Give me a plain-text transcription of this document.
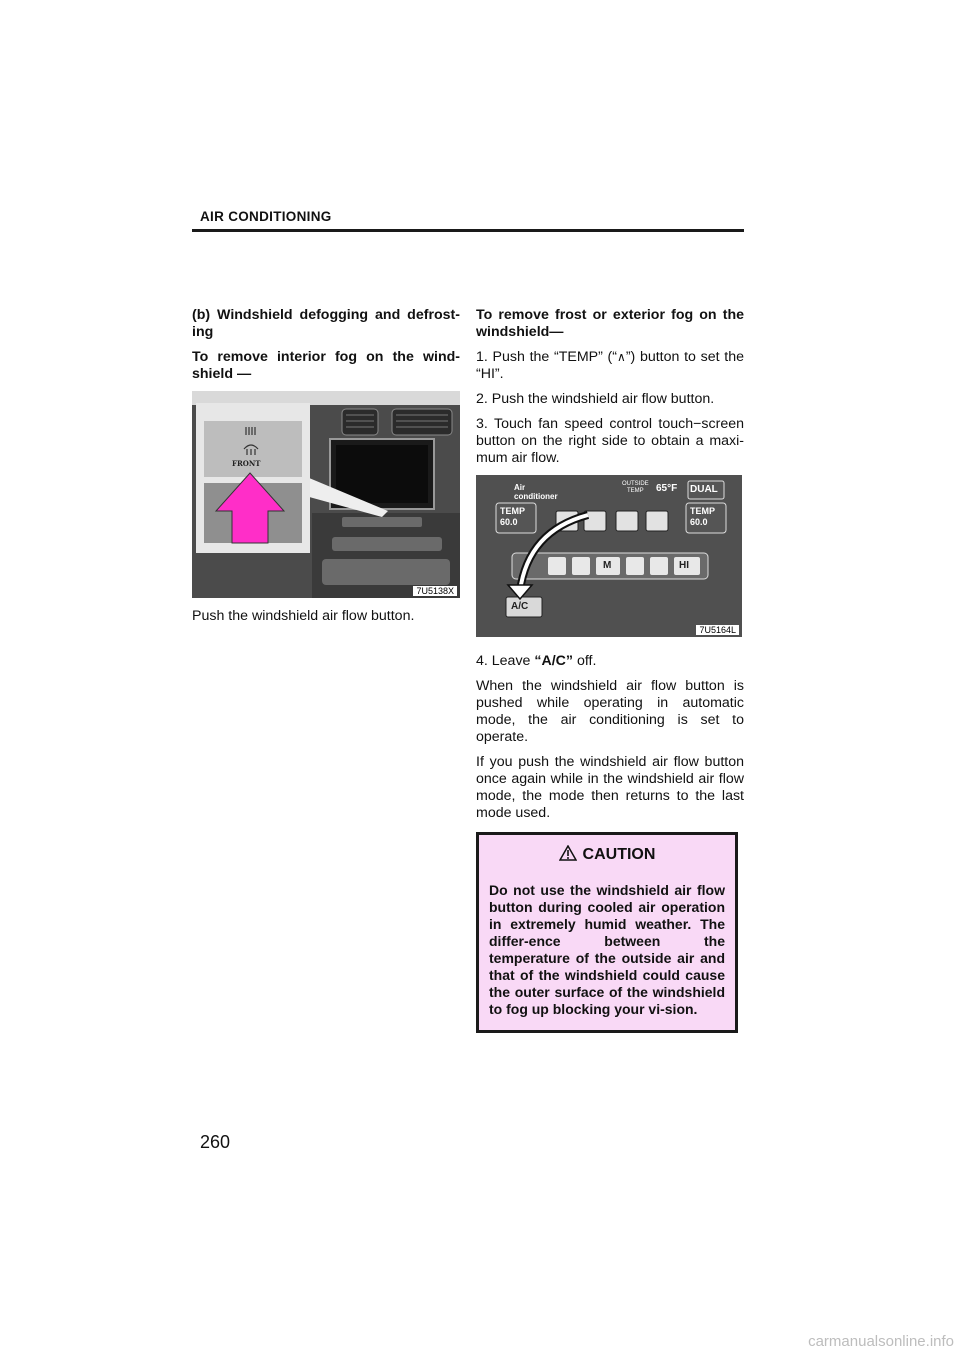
AIR CONDITIONING

(b) Windshield defogging and defrost-ing

To remove interior fog on the wind-shield —

FRONT
7U5138X

Push the windshield air flow button.

To remove frost or exterior fog on the windshield—

1. Push the “TEMP” (“∧”) button to set the “HI”.

2. Push the windshield air flow button.

3. Touch fan speed control touch−screen button on the right side to obtain a maxi-mum air flow.

Air
conditioner
OUTSIDE
TEMP	65°F DUAL
TEMP
60.0
TEMP
60.0
M	HI
A/C
7U5164L

4. Leave “A/C” off.

When the windshield air flow button is pushed while operating in automatic mode, the air conditioning is set to operate.

If you push the windshield air flow button once again while in the windshield air flow mode, the mode then returns to the last mode used.

CAUTION
Do not use the windshield air flow button during cooled air operation in extremely humid weather. The differ-ence between the temperature of the outside air and that of the windshield could cause the outer surface of the windshield to fog up blocking your vi-sion.
260
carmanualsonline.info
